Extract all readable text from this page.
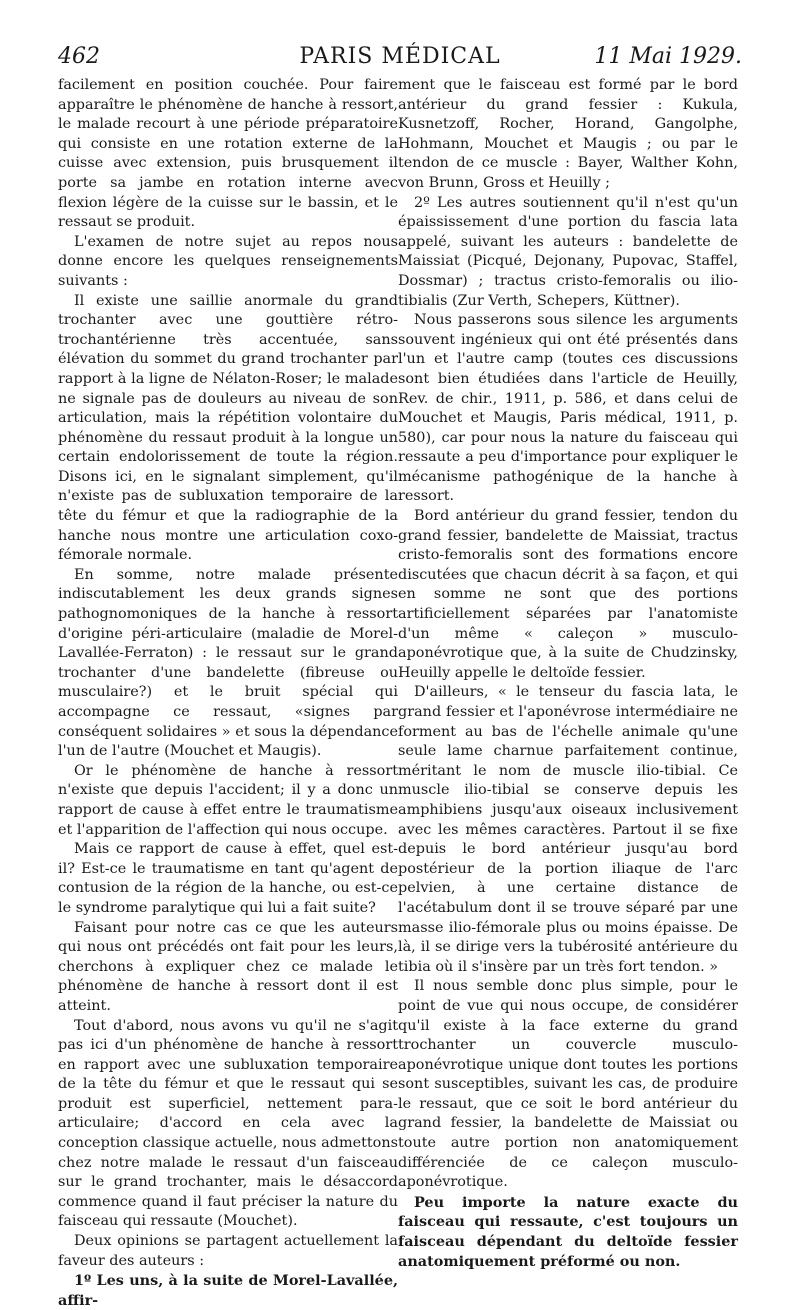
462	PARIS MÉDICAL	11 Mai 1929.

facilement en position couchée. Pour faire apparaître le phénomène de hanche à ressort, le malade recourt à une période préparatoire qui consiste en une rotation externe de la cuisse avec extension, puis brusquement il porte sa jambe en rotation interne avec flexion légère de la cuisse sur le bassin, et le ressaut se produit.

L'examen de notre sujet au repos nous donne encore les quelques renseignements suivants :

Il existe une saillie anormale du grand trochanter avec une gouttière rétro-trochantérienne très accentuée, sans élévation du sommet du grand trochanter par rapport à la ligne de Nélaton-Roser; le malade ne signale pas de douleurs au niveau de son articulation, mais la répétition volontaire du phénomène du ressaut produit à la longue un certain endolorissement de toute la région. Disons ici, en le signalant simplement, qu'il n'existe pas de subluxation temporaire de la tête du fémur et que la radiographie de la hanche nous montre une articulation coxo-fémorale normale.

En somme, notre malade présente indiscutablement les deux grands signes pathognomoniques de la hanche à ressort d'origine péri-articulaire (maladie de Morel-Lavallée-Ferraton) : le ressaut sur le grand trochanter d'une bandelette (fibreuse ou musculaire?) et le bruit spécial qui accompagne ce ressaut, «signes par conséquent solidaires » et sous la dépendance l'un de l'autre (Mouchet et Maugis).

Or le phénomène de hanche à ressort n'existe que depuis l'accident; il y a donc un rapport de cause à effet entre le traumatisme et l'apparition de l'affection qui nous occupe.

Mais ce rapport de cause à effet, quel est-il? Est-ce le traumatisme en tant qu'agent de contusion de la région de la hanche, ou est-ce le syndrome paralytique qui lui a fait suite?

Faisant pour notre cas ce que les auteurs qui nous ont précédés ont fait pour les leurs, cherchons à expliquer chez ce malade le phénomène de hanche à ressort dont il est atteint.

Tout d'abord, nous avons vu qu'il ne s'agit pas ici d'un phénomène de hanche à ressort en rapport avec une subluxation temporaire de la tête du fémur et que le ressaut qui se produit est superficiel, nettement para-articulaire; d'accord en cela avec la conception classique actuelle, nous admettons chez notre malade le ressaut d'un faisceau sur le grand trochanter, mais le désaccord commence quand il faut préciser la nature du faisceau qui ressaute (Mouchet).

Deux opinions se partagent actuellement la faveur des auteurs :

1º Les uns, à la suite de Morel-Lavallée, affir-

ment que le faisceau est formé par le bord antérieur du grand fessier : Kukula, Kusnetzoff, Rocher, Horand, Gangolphe, Hohmann, Mouchet et Maugis ; ou par le tendon de ce muscle : Bayer, Walther Kohn, von Brunn, Gross et Heuilly ;

2º Les autres soutiennent qu'il n'est qu'un épaississement d'une portion du fascia lata appelé, suivant les auteurs : bandelette de Maissiat (Picqué, Dejonany, Pupovac, Staffel, Dossmar) ; tractus cristo-femoralis ou ilio-tibialis (Zur Verth, Schepers, Küttner).

Nous passerons sous silence les arguments souvent ingénieux qui ont été présentés dans l'un et l'autre camp (toutes ces discussions sont bien étudiées dans l'article de Heuilly, Rev. de chir., 1911, p. 586, et dans celui de Mouchet et Maugis, Paris médical, 1911, p. 580), car pour nous la nature du faisceau qui ressaute a peu d'importance pour expliquer le mécanisme pathogénique de la hanche à ressort.

Bord antérieur du grand fessier, tendon du grand fessier, bandelette de Maissiat, tractus cristo-femoralis sont des formations encore discutées que chacun décrit à sa façon, et qui en somme ne sont que des portions artificiellement séparées par l'anatomiste d'un même « caleçon » musculo-aponévrotique que, à la suite de Chudzinsky, Heuilly appelle le deltoïde fessier.

D'ailleurs, « le tenseur du fascia lata, le grand fessier et l'aponévrose intermédiaire ne forment au bas de l'échelle animale qu'une seule lame charnue parfaitement continue, méritant le nom de muscle ilio-tibial. Ce muscle ilio-tibial se conserve depuis les amphibiens jusqu'aux oiseaux inclusivement avec les mêmes caractères. Partout il se fixe depuis le bord antérieur jusqu'au bord postérieur de la portion iliaque de l'arc pelvien, à une certaine distance de l'acétabulum dont il se trouve séparé par une masse ilio-fémorale plus ou moins épaisse. De là, il se dirige vers la tubérosité antérieure du tibia où il s'insère par un très fort tendon. »

Il nous semble donc plus simple, pour le point de vue qui nous occupe, de considérer qu'il existe à la face externe du grand trochanter un couvercle musculo-aponévrotique unique dont toutes les portions sont susceptibles, suivant les cas, de produire le ressaut, que ce soit le bord antérieur du grand fessier, la bandelette de Maissiat ou toute autre portion non anatomiquement différenciée de ce caleçon musculo-aponévrotique.

Peu importe la nature exacte du faisceau qui ressaute, c'est toujours un faisceau dépendant du deltoïde fessier anatomiquement préformé ou non.
